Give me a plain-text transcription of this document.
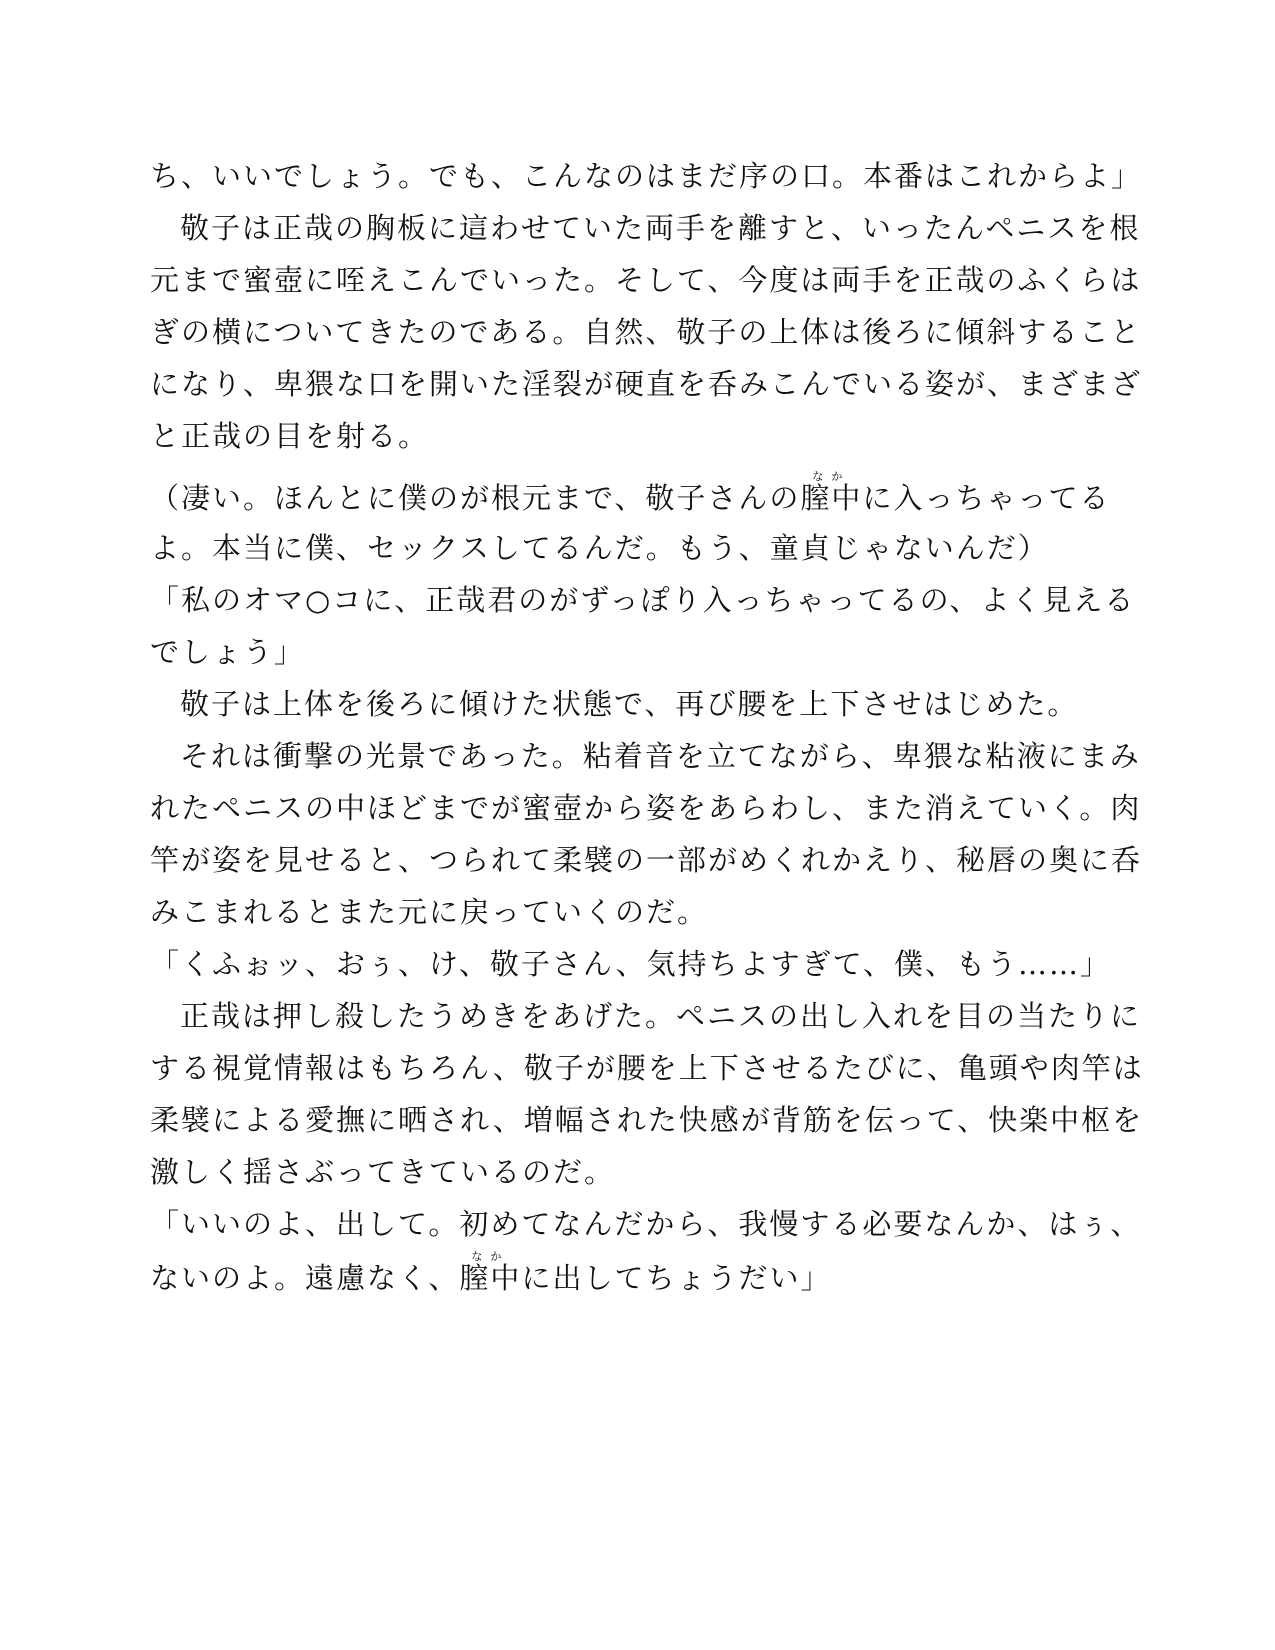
ち、いいでしょう。でも、こんなのはまだ序の口。本番はこれからよ」
敬子は正哉の胸板に這わせていた両手を離すと、いったんペニスを根
元まで蜜壺に咥えこんでいった。そして、今度は両手を正哉のふくらは
ぎの横についてきたのである。自然、敬子の上体は後ろに傾斜すること
になり、卑猥な口を開いた淫裂が硬直を呑みこんでいる姿が、まざまざ
と正哉の目を射る。
（凄い。ほんとに僕のが根元まで、敬子さんの膣中なかに入っちゃってる
よ。本当に僕、セックスしてるんだ。もう、童貞じゃないんだ）
「私のオマ○コに、正哉君のがずっぽり入っちゃってるの、よく見える
でしょう」
敬子は上体を後ろに傾けた状態で、再び腰を上下させはじめた。
それは衝撃の光景であった。粘着音を立てながら、卑猥な粘液にまみ
れたペニスの中ほどまでが蜜壺から姿をあらわし、また消えていく。肉
竿が姿を見せると、つられて柔襞の一部がめくれかえり、秘唇の奥に呑
みこまれるとまた元に戻っていくのだ。
「くふぉッ、おぅ、け、敬子さん、気持ちよすぎて、僕、もう……」
正哉は押し殺したうめきをあげた。ペニスの出し入れを目の当たりに
する視覚情報はもちろん、敬子が腰を上下させるたびに、亀頭や肉竿は
柔襞による愛撫に晒され、増幅された快感が背筋を伝って、快楽中枢を
激しく揺さぶってきているのだ。
「いいのよ、出して。初めてなんだから、我慢する必要なんか、はぅ、
ないのよ。遠慮なく、膣中なかに出してちょうだい」
